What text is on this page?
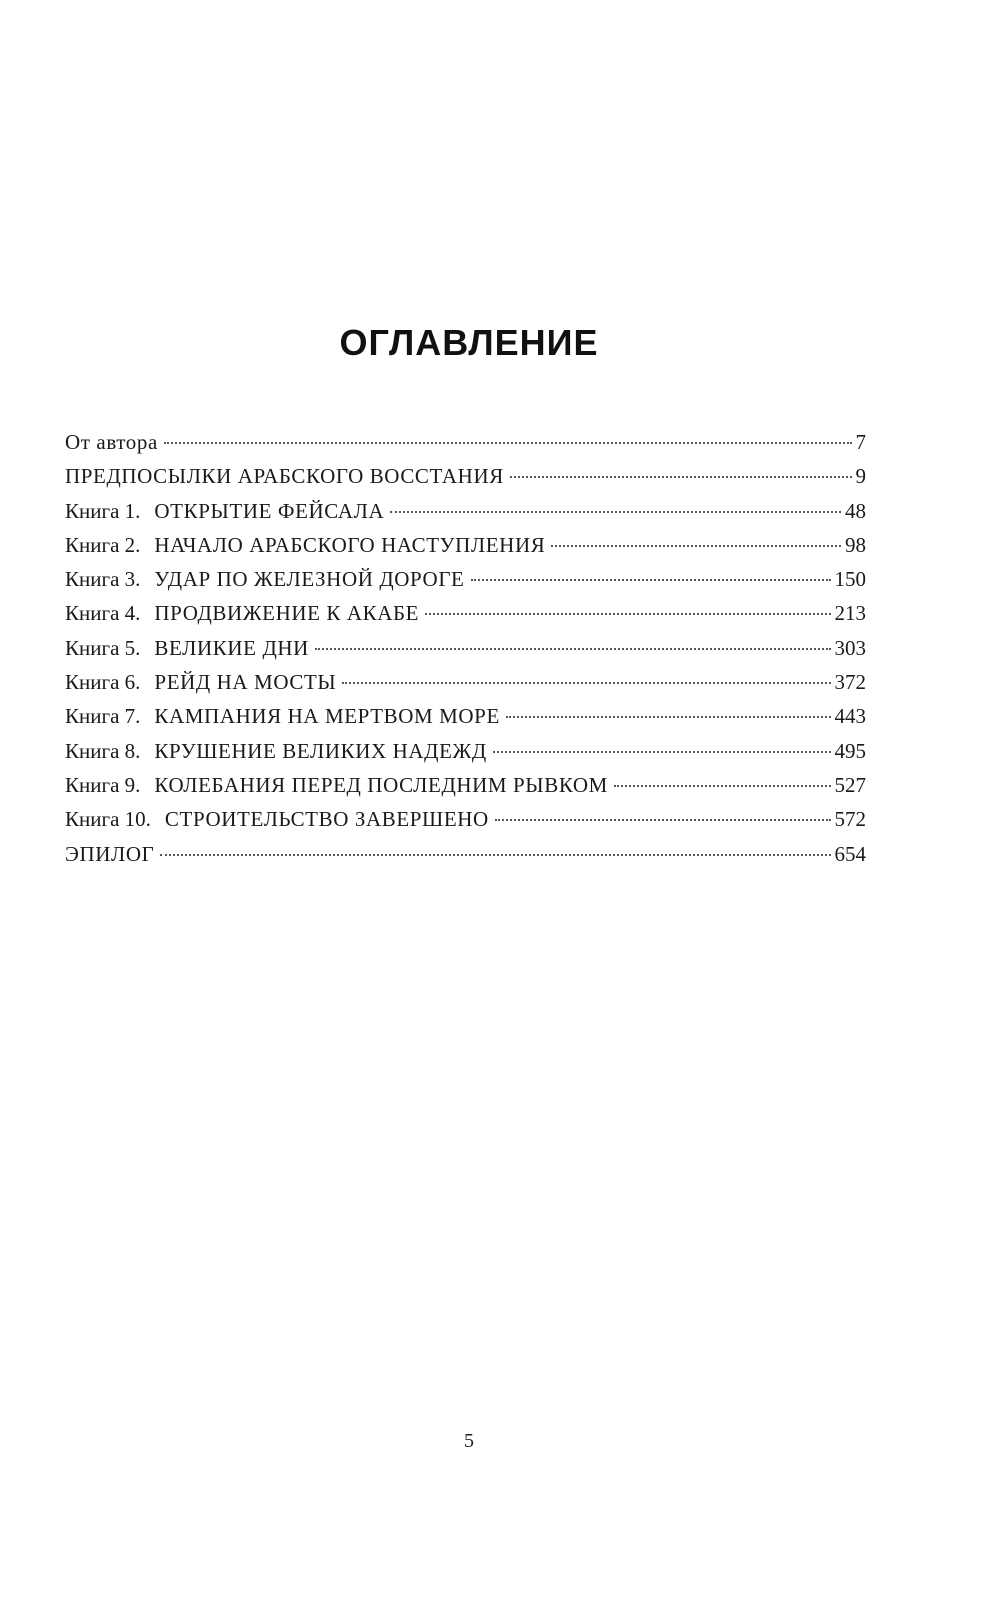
ОГЛАВЛЕНИЕ
От автора	7
ПРЕДПОСЫЛКИ АРАБСКОГО ВОССТАНИЯ	9
Книга 1. ОТКРЫТИЕ ФЕЙСАЛА	48
Книга 2. НАЧАЛО АРАБСКОГО НАСТУПЛЕНИЯ	98
Книга 3. УДАР ПО ЖЕЛЕЗНОЙ ДОРОГЕ	150
Книга 4. ПРОДВИЖЕНИЕ К АКАБЕ	213
Книга 5. ВЕЛИКИЕ ДНИ	303
Книга 6. РЕЙД НА МОСТЫ	372
Книга 7. КАМПАНИЯ НА МЕРТВОМ МОРЕ	443
Книга 8. КРУШЕНИЕ ВЕЛИКИХ НАДЕЖД	495
Книга 9. КОЛЕБАНИЯ ПЕРЕД ПОСЛЕДНИМ РЫВКОМ	527
Книга 10. СТРОИТЕЛЬСТВО ЗАВЕРШЕНО	572
ЭПИЛОГ	654
5
